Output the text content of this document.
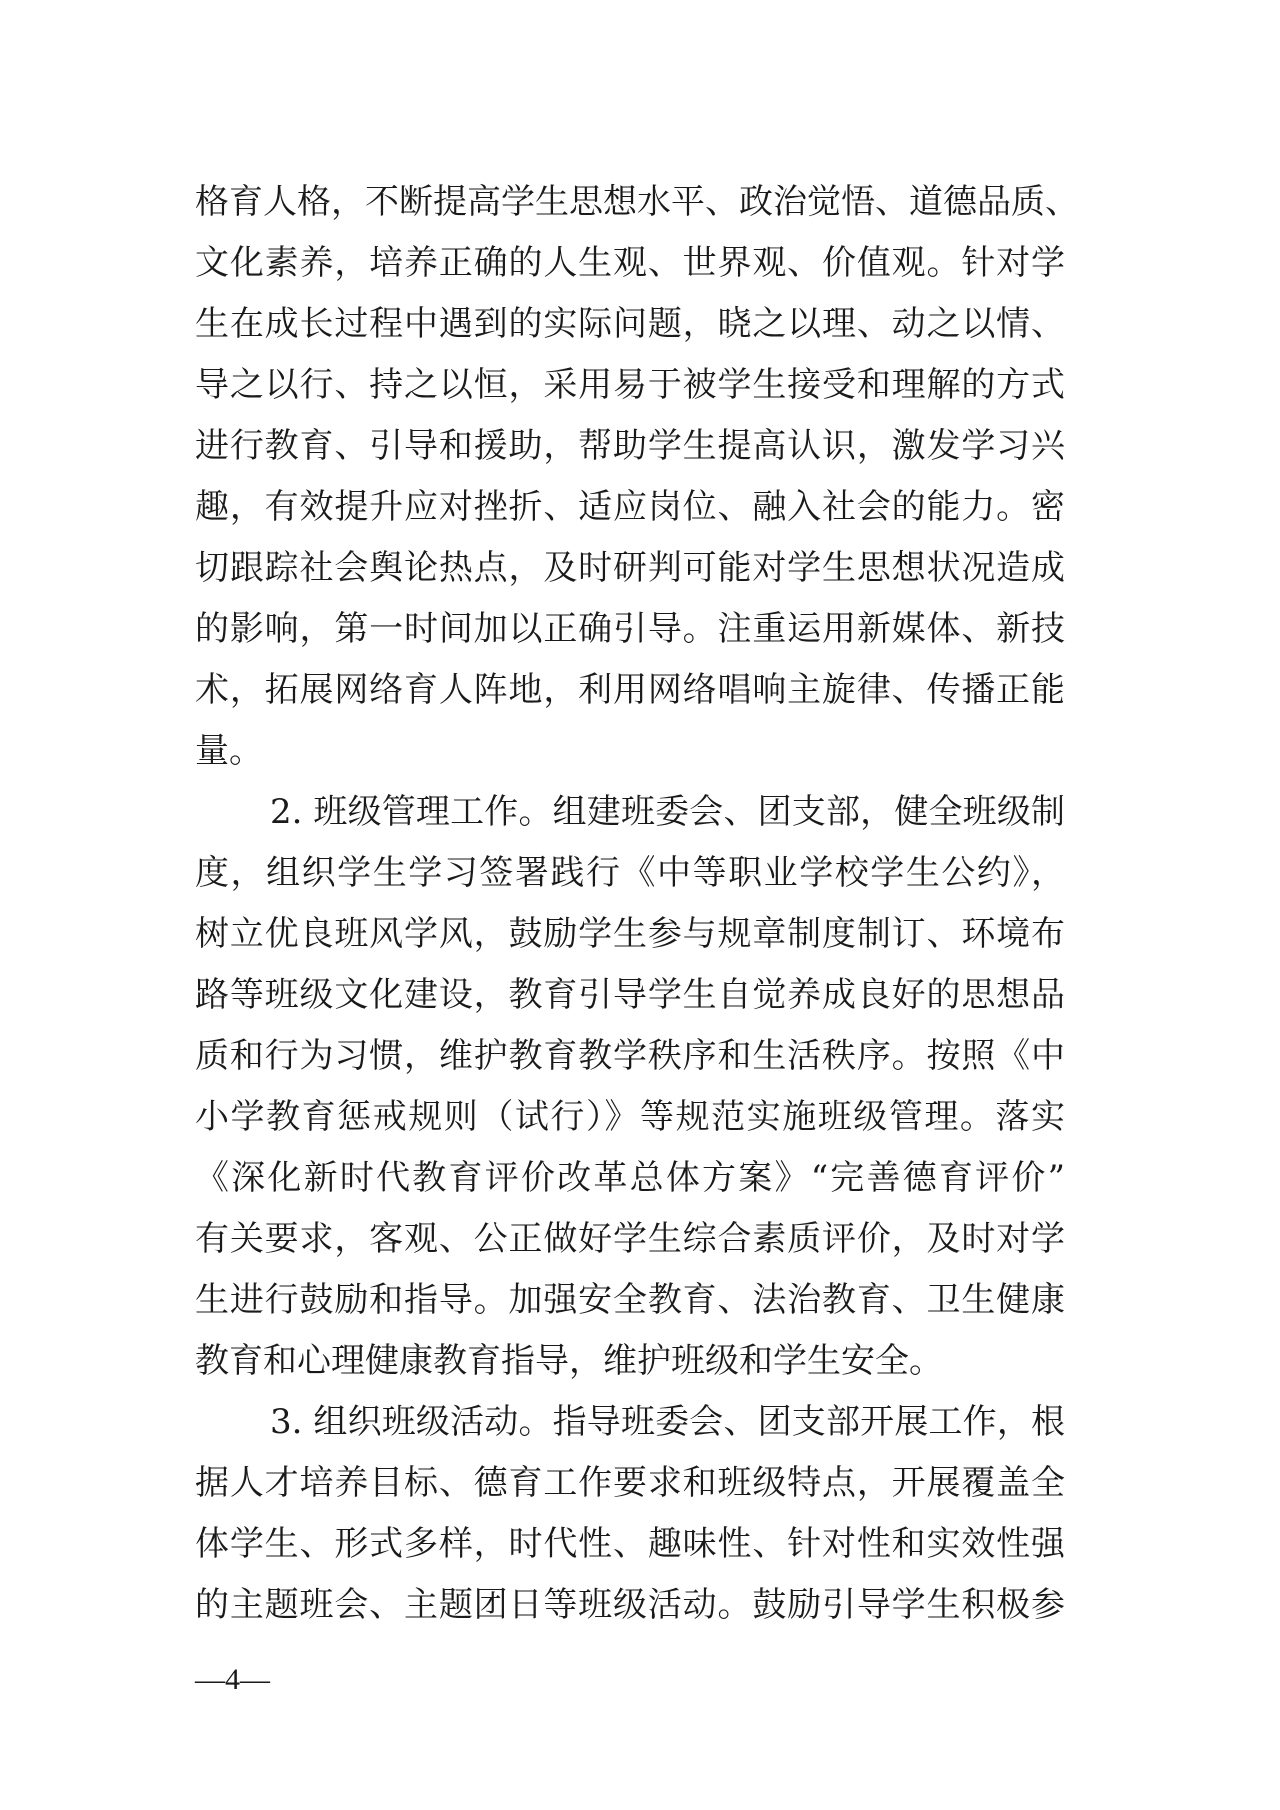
格育人格，不断提高学生思想水平、政治觉悟、道德品质、
文化素养，培养正确的人生观、世界观、价值观。针对学
生在成长过程中遇到的实际问题，晓之以理、动之以情、
导之以行、持之以恒，采用易于被学生接受和理解的方式
进行教育、引导和援助，帮助学生提高认识，激发学习兴
趣，有效提升应对挫折、适应岗位、融入社会的能力。密
切跟踪社会舆论热点，及时研判可能对学生思想状况造成
的影响，第一时间加以正确引导。注重运用新媒体、新技
术，拓展网络育人阵地，利用网络唱响主旋律、传播正能
量。
2. 班级管理工作。组建班委会、团支部，健全班级制
度，组织学生学习签署践行《中等职业学校学生公约》，
树立优良班风学风，鼓励学生参与规章制度制订、环境布
路等班级文化建设，教育引导学生自觉养成良好的思想品
质和行为习惯，维护教育教学秩序和生活秩序。按照《中
小学教育惩戒规则（试行）》等规范实施班级管理。落实
《深化新时代教育评价改革总体方案》“完善德育评价”
有关要求，客观、公正做好学生综合素质评价，及时对学
生进行鼓励和指导。加强安全教育、法治教育、卫生健康
教育和心理健康教育指导，维护班级和学生安全。
3. 组织班级活动。指导班委会、团支部开展工作，根
据人才培养目标、德育工作要求和班级特点，开展覆盖全
体学生、形式多样，时代性、趣味性、针对性和实效性强
的主题班会、主题团日等班级活动。鼓励引导学生积极参
—4—
